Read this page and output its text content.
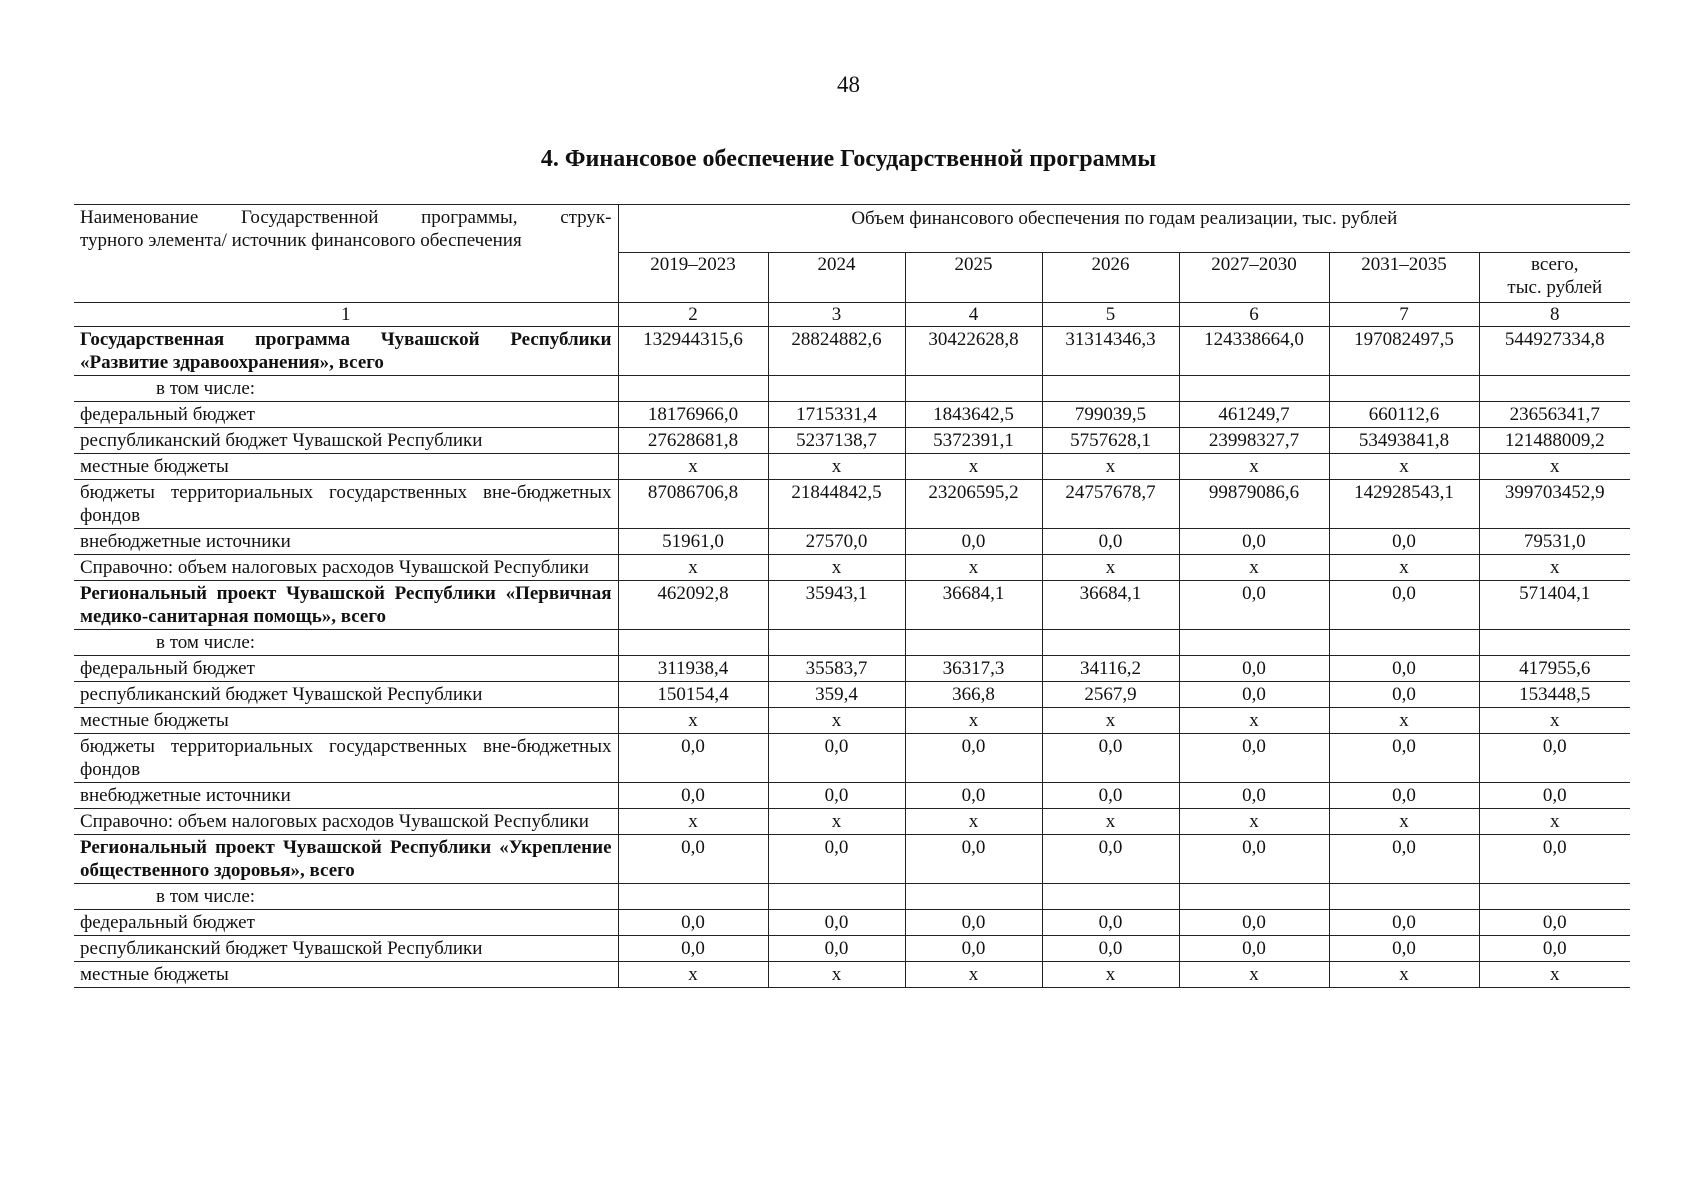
48
4. Финансовое обеспечение Государственной программы
Наименование Государственной программы, струк-
турного элемента/ источник финансового обеспечения	Объем финансового обеспечения по годам реализации, тыс. рублей						
	2019–2023	2024	2025	2026	2027–2030	2031–2035	всего,
тыс. рублей

1	2	3	4	5	6	7	8
Государственная программа Чувашской Республики «Развитие здравоохранения», всего	132944315,6	28824882,6	30422628,8	31314346,3	124338664,0	197082497,5	544927334,8
в том числе:							
федеральный бюджет	18176966,0	1715331,4	1843642,5	799039,5	461249,7	660112,6	23656341,7
республиканский бюджет Чувашской Республики	27628681,8	5237138,7	5372391,1	5757628,1	23998327,7	53493841,8	121488009,2
местные бюджеты	х	х	х	х	х	х	х
бюджеты территориальных государственных вне-бюджетных фондов	87086706,8	21844842,5	23206595,2	24757678,7	99879086,6	142928543,1	399703452,9
внебюджетные источники	51961,0	27570,0	0,0	0,0	0,0	0,0	79531,0
Справочно: объем налоговых расходов Чувашской Республики	х	х	х	х	х	х	х
Региональный проект Чувашской Республики «Первичная медико-санитарная помощь», всего	462092,8	35943,1	36684,1	36684,1	0,0	0,0	571404,1
в том числе:							
федеральный бюджет	311938,4	35583,7	36317,3	34116,2	0,0	0,0	417955,6
республиканский бюджет Чувашской Республики	150154,4	359,4	366,8	2567,9	0,0	0,0	153448,5
местные бюджеты	х	х	х	х	х	х	х
бюджеты территориальных государственных вне-бюджетных фондов	0,0	0,0	0,0	0,0	0,0	0,0	0,0
внебюджетные источники	0,0	0,0	0,0	0,0	0,0	0,0	0,0
Справочно: объем налоговых расходов Чувашской Республики	х	х	х	х	х	х	х
Региональный проект Чувашской Республики «Укрепление общественного здоровья», всего	0,0	0,0	0,0	0,0	0,0	0,0	0,0
в том числе:							
федеральный бюджет	0,0	0,0	0,0	0,0	0,0	0,0	0,0
республиканский бюджет Чувашской Республики	0,0	0,0	0,0	0,0	0,0	0,0	0,0
местные бюджеты	х	х	х	х	х	х	х
